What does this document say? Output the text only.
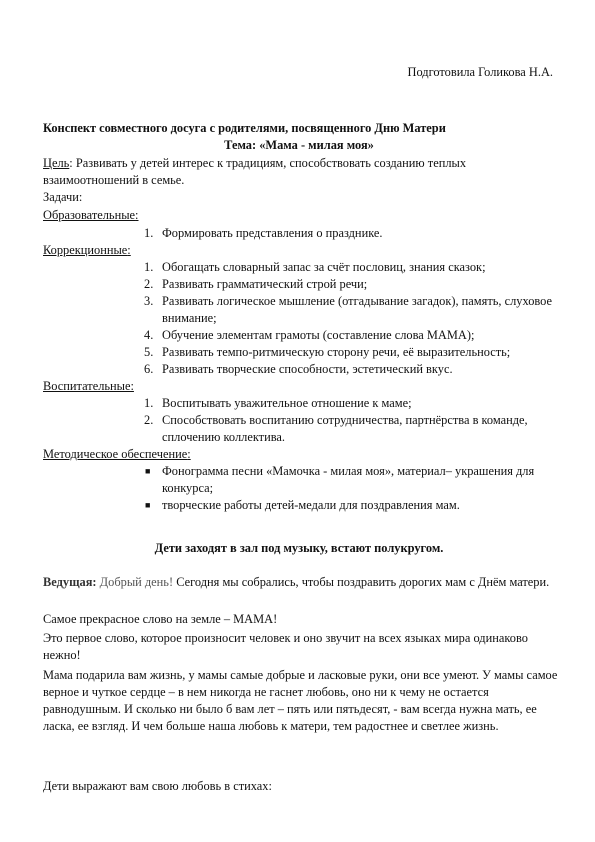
Подготовила Голикова Н.А.
Конспект совместного досуга с родителями, посвященного Дню Матери
Тема: «Мама - милая моя»
Цель: Развивать у детей интерес к традициям, способствовать созданию теплых взаимоотношений в семье.
Задачи:
Образовательные:
1. Формировать представления о празднике.
Коррекционные:
1. Обогащать словарный запас за счёт пословиц, знания сказок;
2. Развивать грамматический строй речи;
3. Развивать логическое мышление (отгадывание загадок), память, слуховое внимание;
4. Обучение элементам грамоты (составление слова МАМА);
5. Развивать темпо-ритмическую сторону речи, её выразительность;
6. Развивать творческие способности, эстетический вкус.
Воспитательные:
1. Воспитывать уважительное отношение к маме;
2. Способствовать воспитанию сотрудничества, партнёрства в команде, сплочению коллектива.
Методическое обеспечение:
■ Фонограмма песни «Мамочка - милая моя», материал– украшения для конкурса;
■ творческие работы детей-медали для поздравления мам.
Дети заходят в зал под музыку, встают полукругом.
Ведущая: Добрый день! Сегодня мы собрались, чтобы поздравить дорогих мам с Днём матери.
Самое прекрасное слово на земле – МАМА!
Это первое слово, которое произносит человек и оно звучит на всех языках мира одинаково нежно!
Мама подарила вам жизнь, у мамы самые добрые и ласковые руки, они все умеют. У мамы самое верное и чуткое сердце – в нем никогда не гаснет любовь, оно ни к чему не остается равнодушным. И сколько ни было б вам лет – пять или пятьдесят, - вам всегда нужна мать, ее ласка, ее взгляд. И чем больше наша любовь к матери, тем радостнее и светлее жизнь.
Дети выражают вам свою любовь в стихах:
